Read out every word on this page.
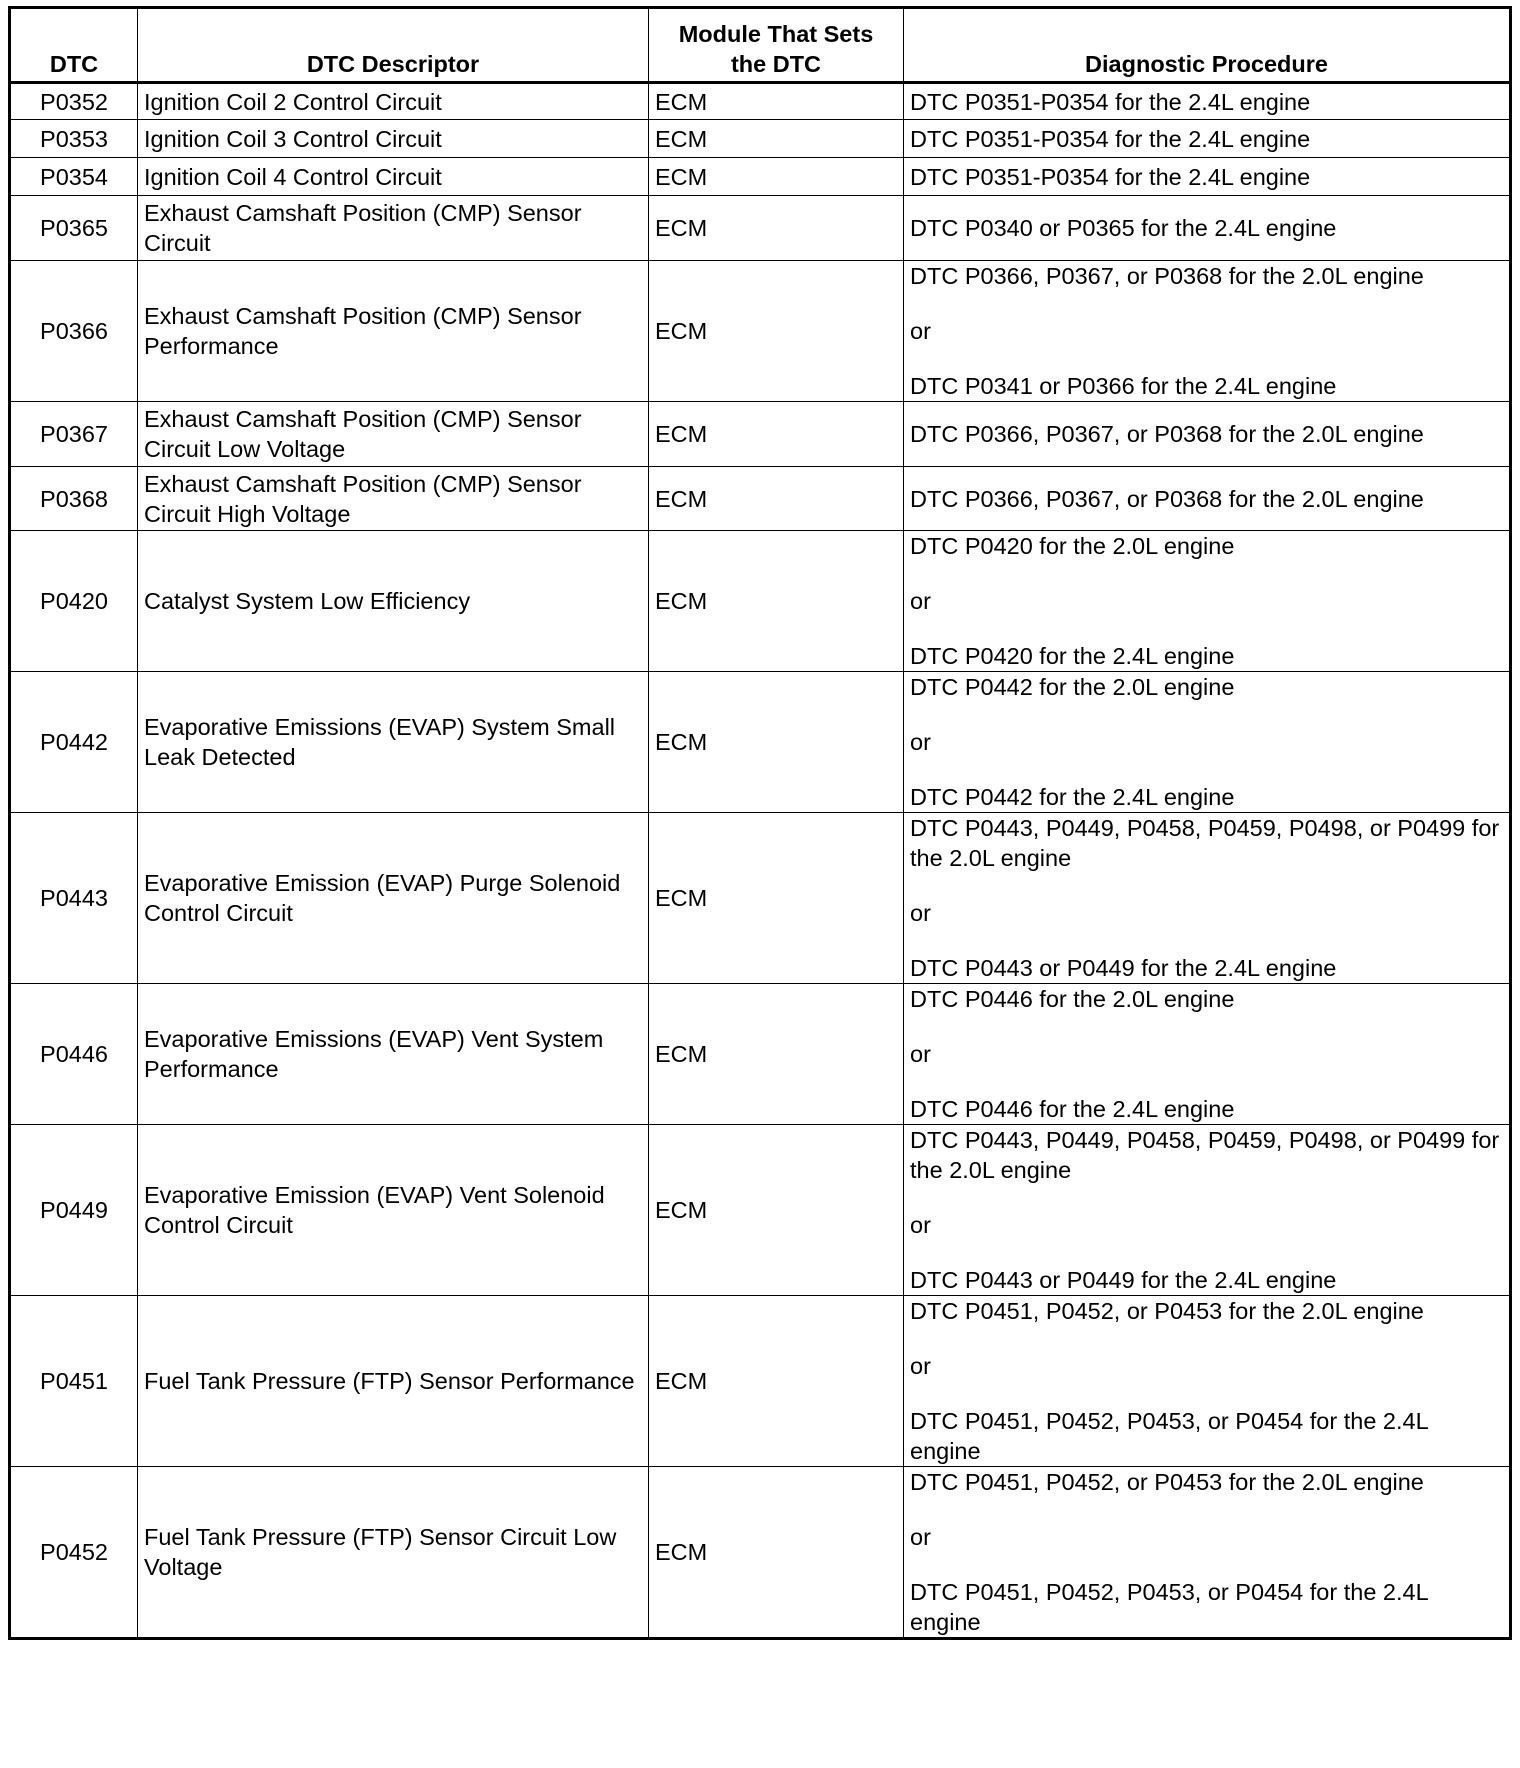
DTC	DTC Descriptor	Module That Sets the DTC	Diagnostic Procedure
P0352	Ignition Coil 2 Control Circuit	ECM	DTC P0351-P0354 for the 2.4L engine

P0353	Ignition Coil 3 Control Circuit	ECM	DTC P0351-P0354 for the 2.4L engine

P0354	Ignition Coil 4 Control Circuit	ECM	DTC P0351-P0354 for the 2.4L engine

P0365	Exhaust Camshaft Position (CMP) Sensor Circuit	ECM	DTC P0340 or P0365 for the 2.4L engine

P0366	Exhaust Camshaft Position (CMP) Sensor Performance	ECM	DTC P0366, P0367, or P0368 for the 2.0L engine
or
DTC P0341 or P0366 for the 2.4L engine

P0367	Exhaust Camshaft Position (CMP) Sensor Circuit Low Voltage	ECM	DTC P0366, P0367, or P0368 for the 2.0L engine

P0368	Exhaust Camshaft Position (CMP) Sensor Circuit High Voltage	ECM	DTC P0366, P0367, or P0368 for the 2.0L engine

P0420	Catalyst System Low Efficiency	ECM	DTC P0420 for the 2.0L engine
or
DTC P0420 for the 2.4L engine

P0442	Evaporative Emissions (EVAP) System Small Leak Detected	ECM	DTC P0442 for the 2.0L engine
or
DTC P0442 for the 2.4L engine

P0443	Evaporative Emission (EVAP) Purge Solenoid Control Circuit	ECM	DTC P0443, P0449, P0458, P0459, P0498, or P0499 for the 2.0L engine
or
DTC P0443 or P0449 for the 2.4L engine

P0446	Evaporative Emissions (EVAP) Vent System Performance	ECM	DTC P0446 for the 2.0L engine
or
DTC P0446 for the 2.4L engine

P0449	Evaporative Emission (EVAP) Vent Solenoid Control Circuit	ECM	DTC P0443, P0449, P0458, P0459, P0498, or P0499 for the 2.0L engine
or
DTC P0443 or P0449 for the 2.4L engine

P0451	Fuel Tank Pressure (FTP) Sensor Performance	ECM	DTC P0451, P0452, or P0453 for the 2.0L engine
or
DTC P0451, P0452, P0453, or P0454 for the 2.4L engine

P0452	Fuel Tank Pressure (FTP) Sensor Circuit Low Voltage	ECM	DTC P0451, P0452, or P0453 for the 2.0L engine
or
DTC P0451, P0452, P0453, or P0454 for the 2.4L engine
